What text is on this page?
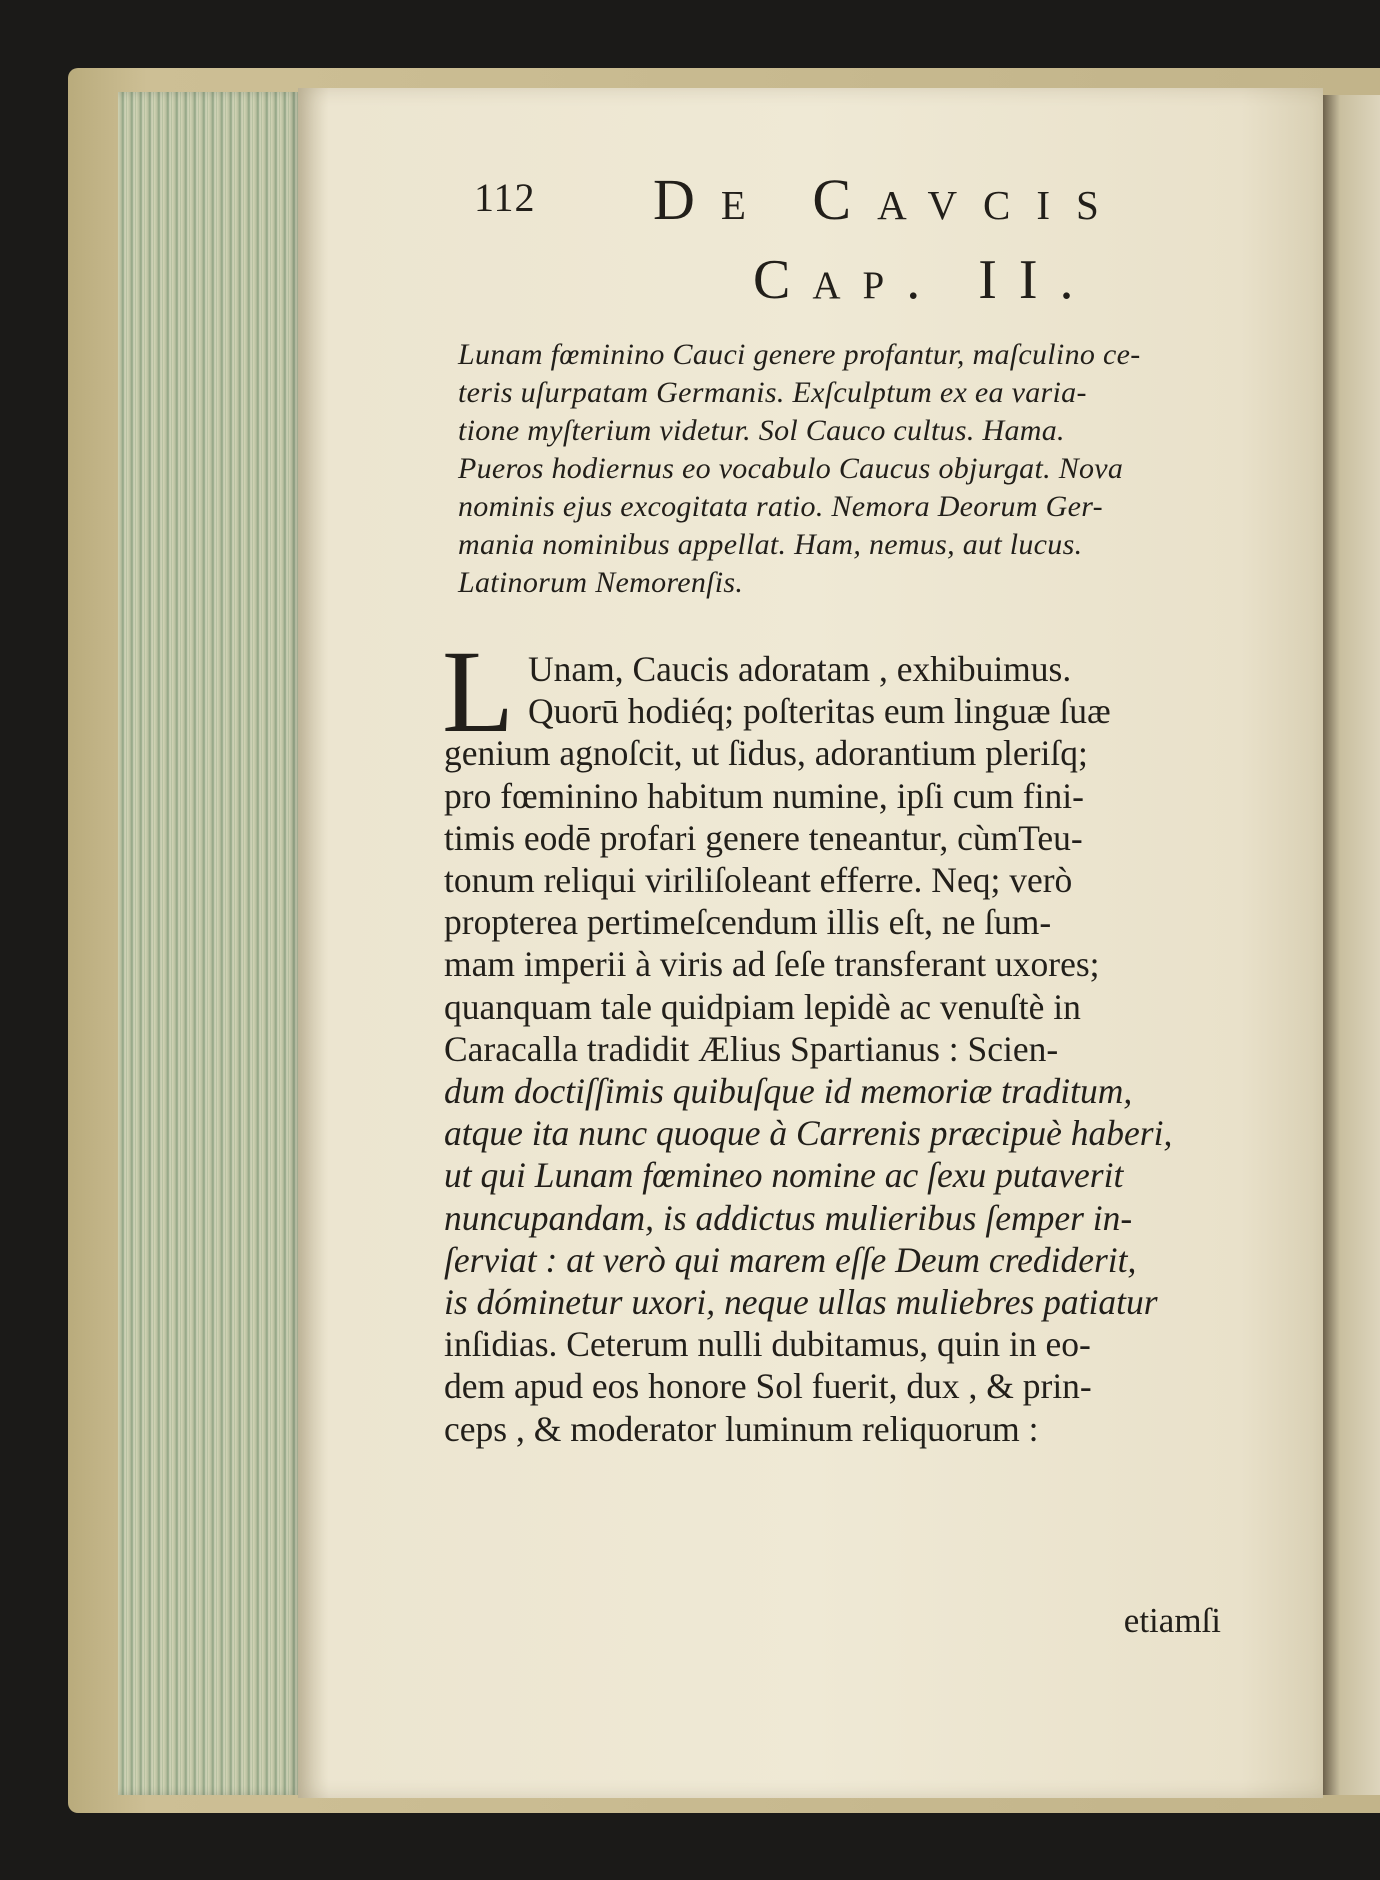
112 De Cavcis
Cap. II.
Lunam fœminino Cauci genere profantur, maſculino ce-
teris uſurpatam Germanis. Exſculptum ex ea varia-
tione myſterium videtur. Sol Cauco cultus. Hama.
Pueros hodiernus eo vocabulo Caucus objurgat. Nova
nominis ejus excogitata ratio. Nemora Deorum Ger-
mania nominibus appellat. Ham, nemus, aut lucus.
Latinorum Nemorenſis.
L Unam, Caucis adoratam , exhibuimus.
Quorū hodiéq; poſteritas eum linguæ ſuæ
genium agnoſcit, ut ſidus, adorantium pleriſq;
pro fœminino habitum numine, ipſi cum fini-
timis eodē profari genere teneantur, cùmTeu-
tonum reliqui viriliſoleant efferre. Neq; verò
propterea pertimeſcendum illis eſt, ne ſum-
mam imperii à viris ad ſeſe transferant uxores;
quanquam tale quidpiam lepidè ac venuſtè in
Caracalla tradidit Ælius Spartianus : Scien-
dum doctiſſimis quibuſque id memoriæ traditum,
atque ita nunc quoque à Carrenis præcipuè haberi,
ut qui Lunam fœmineo nomine ac ſexu putaverit
nuncupandam, is addictus mulieribus ſemper in-
ſerviat : at verò qui marem eſſe Deum crediderit,
is dóminetur uxori, neque ullas muliebres patiatur
inſidias. Ceterum nulli dubitamus, quin in eo-
dem apud eos honore Sol fuerit, dux , & prin-
ceps , & moderator luminum reliquorum :
etiamſi
